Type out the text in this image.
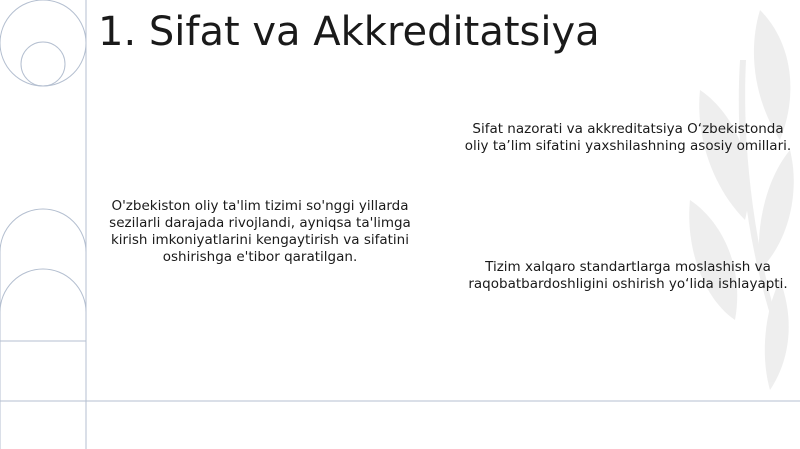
1. Sifat va Akkreditatsiya

O'zbekiston oliy ta'lim tizimi so'nggi yillarda sezilarli darajada rivojlandi, ayniqsa ta'limga kirish imkoniyatlarini kengaytirish va sifatini oshirishga e'tibor qaratilgan.

Sifat nazorati va akkreditatsiya O‘zbekistonda oliy ta’lim sifatini yaxshilashning asosiy omillari.

Tizim xalqaro standartlarga moslashish va raqobatbardoshligini oshirish yo‘lida ishlayapti.
